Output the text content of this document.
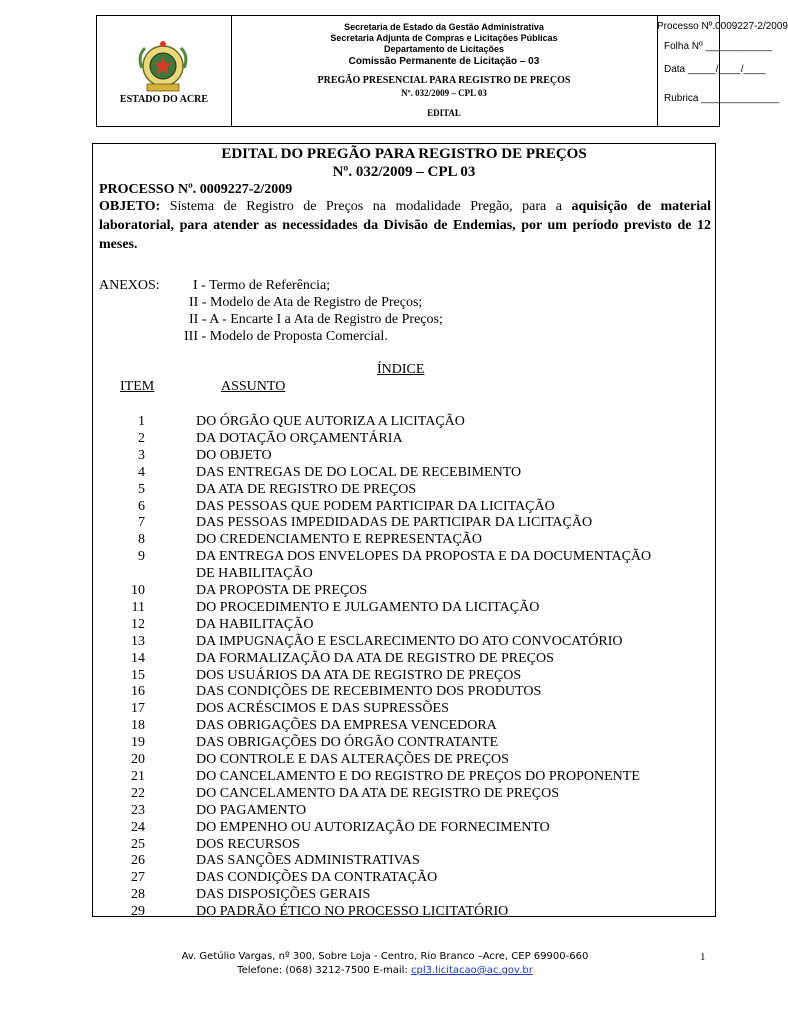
ESTADO DO ACRE
Secretaria de Estado da Gestão Administrativa
Secretaria Adjunta de Compras e Licitações Públicas
Departamento de Licitações
Comissão Permanente de Licitação – 03
PREGÃO PRESENCIAL PARA REGISTRO DE PREÇOS
Nº. 032/2009 – CPL 03
EDITAL
Processo Nº.0009227-2/2009
Folha Nº ____________
Data _____/____/____
Rubrica ______________
EDITAL DO PREGÃO PARA REGISTRO DE PREÇOS
Nº. 032/2009 – CPL 03
PROCESSO Nº. 0009227-2/2009
OBJETO: Sistema de Registro de Preços na modalidade Pregão, para a aquisição de material laboratorial, para atender as necessidades da Divisão de Endemias, por um período previsto de 12 meses.
ANEXOS: I - Termo de Referência;
II - Modelo de Ata de Registro de Preços;
II - A - Encarte I a Ata de Registro de Preços;
III - Modelo de Proposta Comercial.
ÍNDICE
ITEM	ASSUNTO
1	DO ÓRGÃO QUE AUTORIZA A LICITAÇÃO
2	DA DOTAÇÃO ORÇAMENTÁRIA
3	DO OBJETO
4	DAS ENTREGAS DE DO LOCAL DE RECEBIMENTO
5	DA ATA DE REGISTRO DE PREÇOS
6	DAS PESSOAS QUE PODEM PARTICIPAR DA LICITAÇÃO
7	DAS PESSOAS IMPEDIDADAS DE PARTICIPAR DA LICITAÇÃO
8	DO CREDENCIAMENTO E REPRESENTAÇÃO
9	DA ENTREGA DOS ENVELOPES DA PROPOSTA E DA DOCUMENTAÇÃO
DE HABILITAÇÃO
10	DA PROPOSTA DE PREÇOS
11	DO PROCEDIMENTO E JULGAMENTO DA LICITAÇÃO
12	DA HABILITAÇÃO
13	DA IMPUGNAÇÃO E ESCLARECIMENTO DO ATO CONVOCATÓRIO
14	DA FORMALIZAÇÃO DA ATA DE REGISTRO DE PREÇOS
15	DOS USUÁRIOS DA ATA DE REGISTRO DE PREÇOS
16	DAS CONDIÇÕES DE RECEBIMENTO DOS PRODUTOS
17	DOS ACRÉSCIMOS E DAS SUPRESSÕES
18	DAS OBRIGAÇÕES DA EMPRESA VENCEDORA
19	DAS OBRIGAÇÕES DO ÓRGÃO CONTRATANTE
20	DO CONTROLE E DAS ALTERAÇÕES DE PREÇOS
21	DO CANCELAMENTO E DO REGISTRO DE PREÇOS DO PROPONENTE
22	DO CANCELAMENTO DA ATA DE REGISTRO DE PREÇOS
23	DO PAGAMENTO
24	DO EMPENHO OU AUTORIZAÇÃO DE FORNECIMENTO
25	DOS RECURSOS
26	DAS SANÇÕES ADMINISTRATIVAS
27	DAS CONDIÇÕES DA CONTRATAÇÃO
28	DAS DISPOSIÇÕES GERAIS
29	DO PADRÃO ÉTICO NO PROCESSO LICITATÓRIO
Av. Getúlio Vargas, nº 300, Sobre Loja - Centro, Rio Branco –Acre, CEP 69900-660
Telefone: (068) 3212-7500 E-mail: cpl3.licitacao@ac.gov.br
1
